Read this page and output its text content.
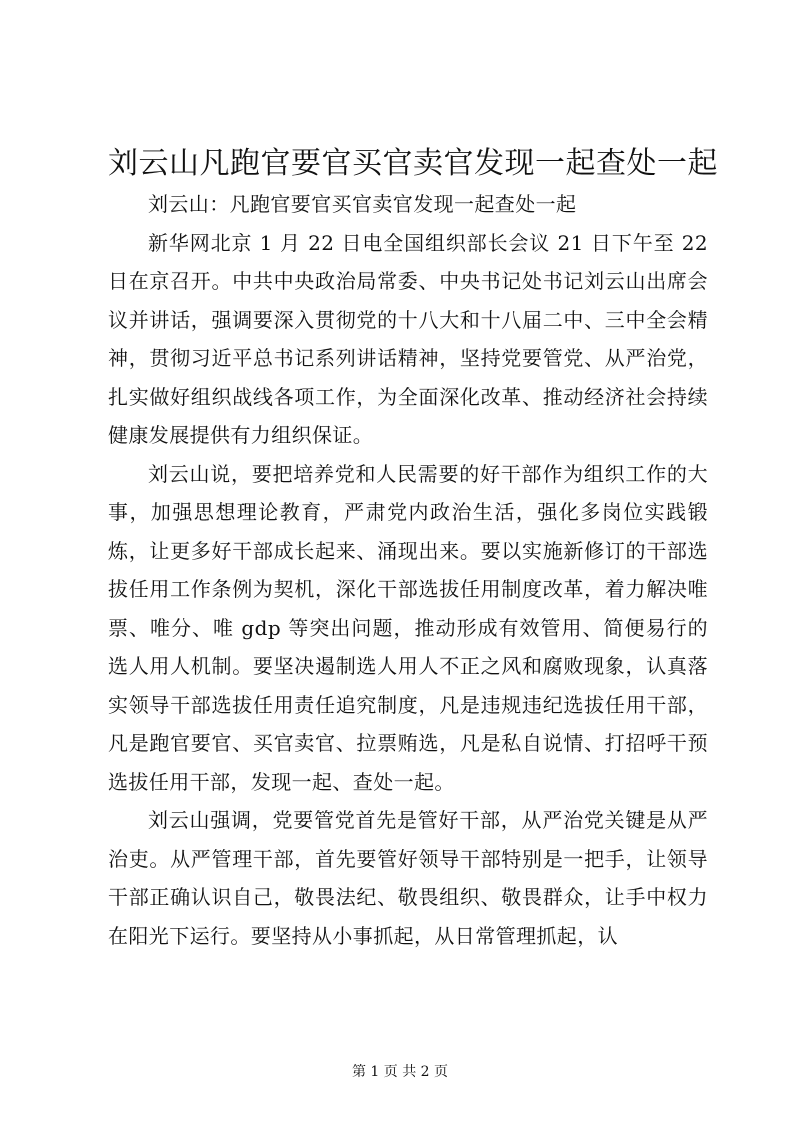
刘云山凡跑官要官买官卖官发现一起查处一起

刘云山：凡跑官要官买官卖官发现一起查处一起

新华网北京 1 月 22 日电全国组织部长会议 21 日下午至 22 日在京召开。中共中央政治局常委、中央书记处书记刘云山出席会议并讲话，强调要深入贯彻党的十八大和十八届二中、三中全会精神，贯彻习近平总书记系列讲话精神，坚持党要管党、从严治党，扎实做好组织战线各项工作，为全面深化改革、推动经济社会持续健康发展提供有力组织保证。

刘云山说，要把培养党和人民需要的好干部作为组织工作的大事，加强思想理论教育，严肃党内政治生活，强化多岗位实践锻炼，让更多好干部成长起来、涌现出来。要以实施新修订的干部选拔任用工作条例为契机，深化干部选拔任用制度改革，着力解决唯票、唯分、唯 gdp 等突出问题，推动形成有效管用、简便易行的选人用人机制。要坚决遏制选人用人不正之风和腐败现象，认真落实领导干部选拔任用责任追究制度，凡是违规违纪选拔任用干部，凡是跑官要官、买官卖官、拉票贿选，凡是私自说情、打招呼干预选拔任用干部，发现一起、查处一起。

刘云山强调，党要管党首先是管好干部，从严治党关键是从严治吏。从严管理干部，首先要管好领导干部特别是一把手，让领导干部正确认识自己，敬畏法纪、敬畏组织、敬畏群众，让手中权力在阳光下运行。要坚持从小事抓起，从日常管理抓起，认

第 1 页 共 2 页
